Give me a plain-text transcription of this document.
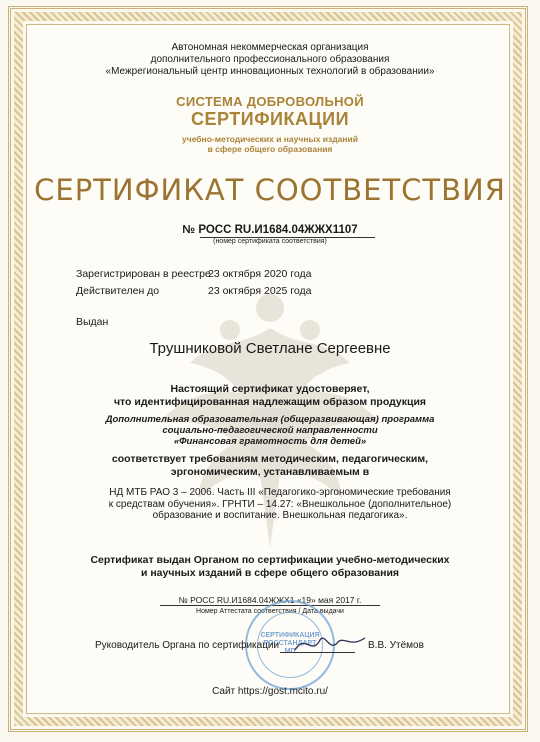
Автономная некоммерческая организация
дополнительного профессионального образования
«Межрегиональный центр инновационных технологий в образовании»
СИСТЕМА ДОБРОВОЛЬНОЙ
СЕРТИФИКАЦИИ
учебно-методических и научных изданий
в сфере общего образования
СЕРТИФИКАТ СООТВЕТСТВИЯ
№ РОСС RU.И1684.04ЖЖХ1107
(номер сертификата соответствия)
Зарегистрирован в реестре
23 октября 2020 года
Действителен до	23 октября 2025 года
Выдан
Трушниковой Светлане Сергеевне
Настоящий сертификат удостоверяет,
что идентифицированная надлежащим образом продукция
Дополнительная образовательная (общеразвивающая) программа
социально-педагогической направленности
«Финансовая грамотность для детей»
соответствует требованиям методическим, педагогическим,
эргономическим, устанавливаемым в
НД МТБ РАО 3 – 2006. Часть III «Педагогико-эргономические требования
к средствам обучения». ГРНТИ – 14.27: «Внешкольное (дополнительное)
образование и воспитание. Внешкольная педагогика».
Сертификат выдан Органом по сертификации учебно-методических
и научных изданий в сфере общего образования
№ РОСС RU.И1684.04ЖЖХ1 «19» мая 2017 г.
Номер Аттестата соответствия / Дата выдачи
СЕРТИФИКАЦИЯ
РОССТАНДАРТ
МП
Руководитель Органа по сертификации	В.В. Утёмов
Сайт https://gost.mcito.ru/
